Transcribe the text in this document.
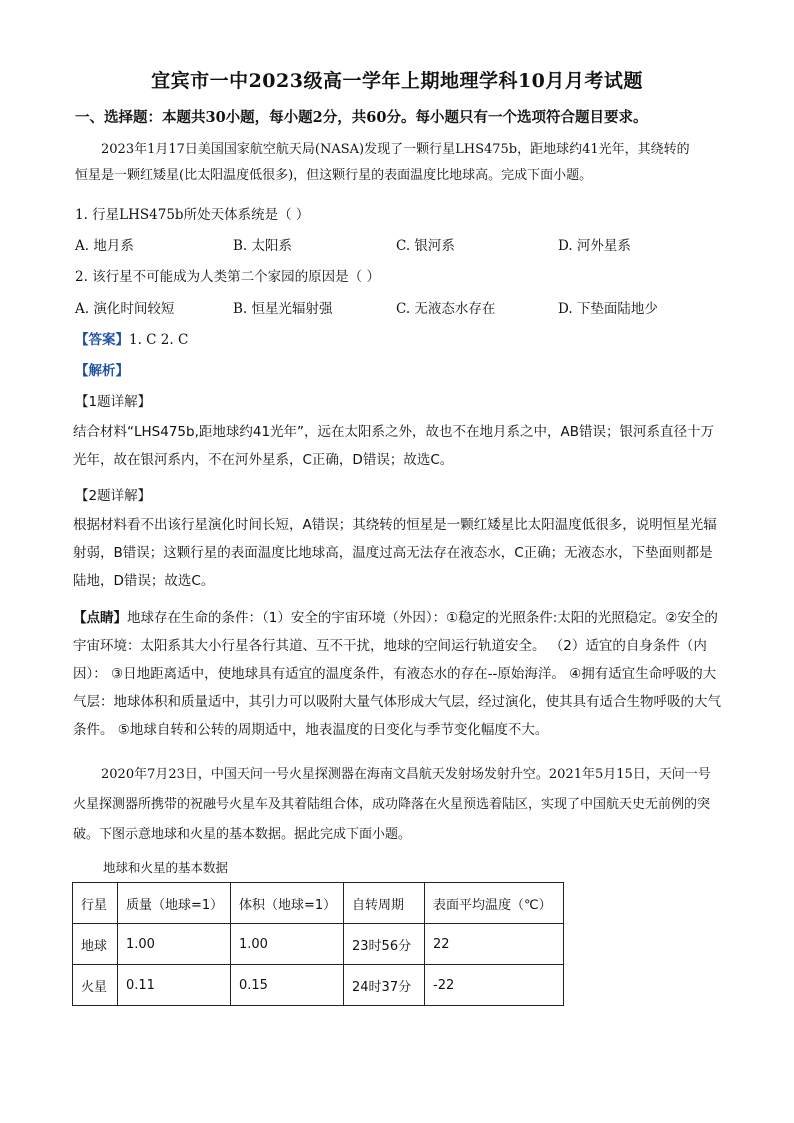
宜宾市一中2023级高一学年上期地理学科10月月考试题
一、选择题：本题共30小题，每小题2分，共60分。每小题只有一个选项符合题目要求。
2023年1月17日美国国家航空航天局(NASA)发现了一颗行星LHS475b，距地球约41光年，其绕转的
恒星是一颗红矮星(比太阳温度低很多)，但这颗行星的表面温度比地球高。完成下面小题。
1. 行星LHS475b所处天体系统是（ ）
A. 地月系	B. 太阳系	C. 银河系	D. 河外星系
2. 该行星不可能成为人类第二个家园的原因是（ ）
A. 演化时间较短	B. 恒星光辐射强	C. 无液态水存在	D. 下垫面陆地少
【答案】1. C 2. C
【解析】
【1题详解】
结合材料“LHS475b,距地球约41光年”，远在太阳系之外，故也不在地月系之中，AB错误；银河系直径十万光年，故在银河系内，不在河外星系，C正确，D错误；故选C。
【2题详解】
根据材料看不出该行星演化时间长短，A错误；其绕转的恒星是一颗红矮星比太阳温度低很多，说明恒星光辐射弱，B错误；这颗行星的表面温度比地球高，温度过高无法存在液态水，C正确；无液态水，下垫面则都是陆地，D错误；故选C。
【点睛】地球存在生命的条件：（1）安全的宇宙环境（外因）：①稳定的光照条件:太阳的光照稳定。②安全的宇宙环境：太阳系其大小行星各行其道、互不干扰，地球的空间运行轨道安全。 （2）适宜的自身条件（内因）： ③日地距离适中，使地球具有适宜的温度条件，有液态水的存在--原始海洋。 ④拥有适宜生命呼吸的大气层：地球体积和质量适中，其引力可以吸附大量气体形成大气层，经过演化，使其具有适合生物呼吸的大气条件。 ⑤地球自转和公转的周期适中，地表温度的日变化与季节变化幅度不大。
2020年7月23日，中国天问一号火星探测器在海南文昌航天发射场发射升空。2021年5月15日，天问一号火星探测器所携带的祝融号火星车及其着陆组合体，成功降落在火星预选着陆区，实现了中国航天史无前例的突破。下图示意地球和火星的基本数据。据此完成下面小题。
地球和火星的基本数据
行星	质量（地球=1）	体积（地球=1）	自转周期	表面平均温度（℃）
地球	1.00	1.00	23时56分	22
火星	0.11	0.15	24时37分	-22
